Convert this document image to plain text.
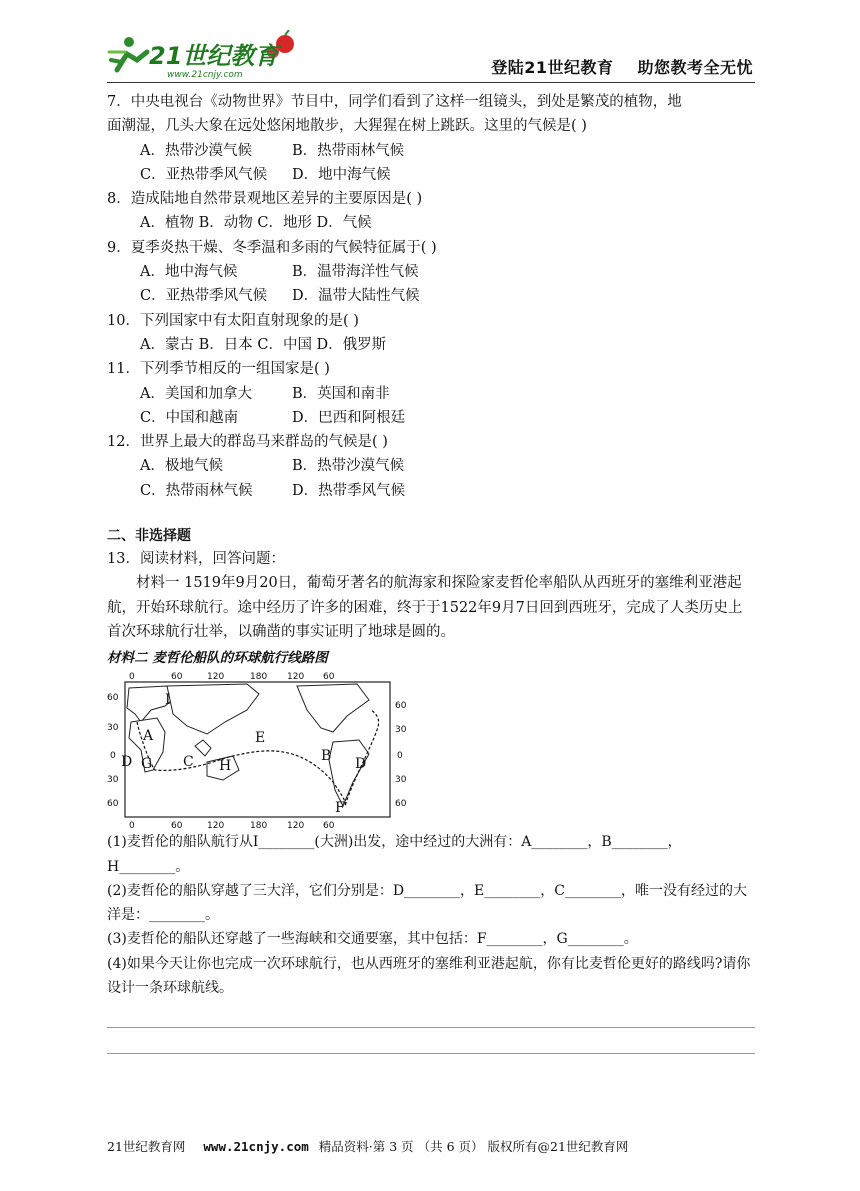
21世纪教育
www.21cnjy.com	登陆21世纪教育 助您教考全无忧
7．中央电视台《动物世界》节目中，同学们看到了这样一组镜头，到处是繁茂的植物，地
面潮湿，几头大象在远处悠闲地散步，大猩猩在树上跳跃。这里的气候是( )
A．热带沙漠气候	B．热带雨林气候
C．亚热带季风气候 D．地中海气候
8．造成陆地自然带景观地区差异的主要原因是( )
A．植物 B．动物 C．地形 D．气候
9．夏季炎热干燥、冬季温和多雨的气候特征属于( )
A．地中海气候	B．温带海洋性气候
C．亚热带季风气候 D．温带大陆性气候
10．下列国家中有太阳直射现象的是( )
A．蒙古 B．日本 C．中国 D．俄罗斯
11．下列季节相反的一组国家是( )
A．美国和加拿大	B．英国和南非
C．中国和越南	D．巴西和阿根廷
12．世界上最大的群岛马来群岛的气候是( )
A．极地气候	B．热带沙漠气候
C．热带雨林气候	D．热带季风气候
二、非选择题
13．阅读材料，回答问题：
材料一 1519年9月20日，葡萄牙著名的航海家和探险家麦哲伦率船队从西班牙的塞维利亚港起航，开始环球航行。途中经历了许多的困难，终于于1522年9月7日回到西班牙，完成了人类历史上首次环球航行壮举，以确凿的事实证明了地球是圆的。
材料二 麦哲伦船队的环球航行线路图
0	60	120	180 120 60
0	60	120	180 120 60
60
30
0
30
60
60
30
0
30
60
I
A
C
D G	H
E
B
F
D
(1)麦哲伦的船队航行从I________(大洲)出发，途中经过的大洲有：A________，B________，H________。
(2)麦哲伦的船队穿越了三大洋，它们分别是：D________，E________，C________，唯一没有经过的大洋是：________。
(3)麦哲伦的船队还穿越了一些海峡和交通要塞，其中包括：F________，G________。
(4)如果今天让你也完成一次环球航行，也从西班牙的塞维利亚港起航，你有比麦哲伦更好的路线吗?请你设计一条环球航线。
21世纪教育网 www.21cnjy.com 精品资料·第 3 页 （共 6 页） 版权所有@21世纪教育网
